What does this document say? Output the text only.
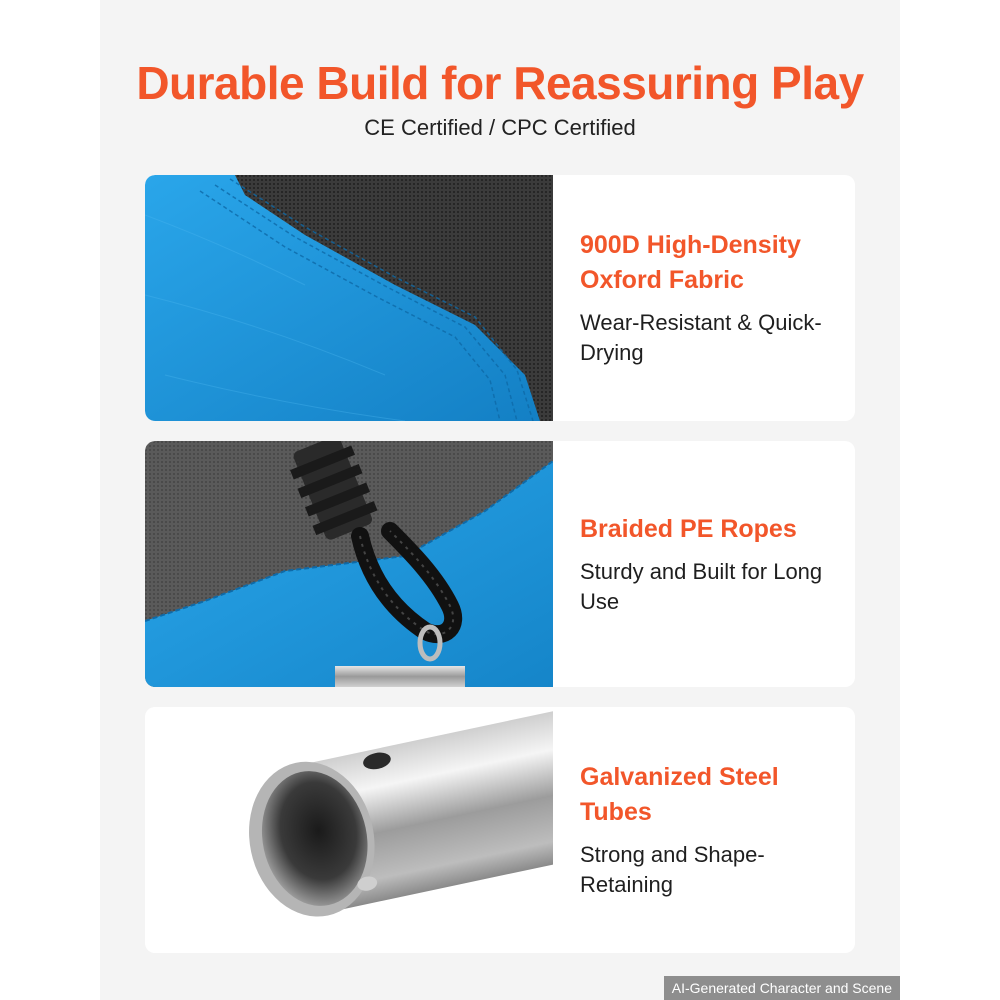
Durable Build for Reassuring Play

CE Certified / CPC Certified

900D High-Density Oxford Fabric

Wear-Resistant & Quick-Drying

Braided PE Ropes

Sturdy and Built for Long Use

Galvanized Steel Tubes

Strong and Shape-Retaining

AI-Generated Character and Scene
